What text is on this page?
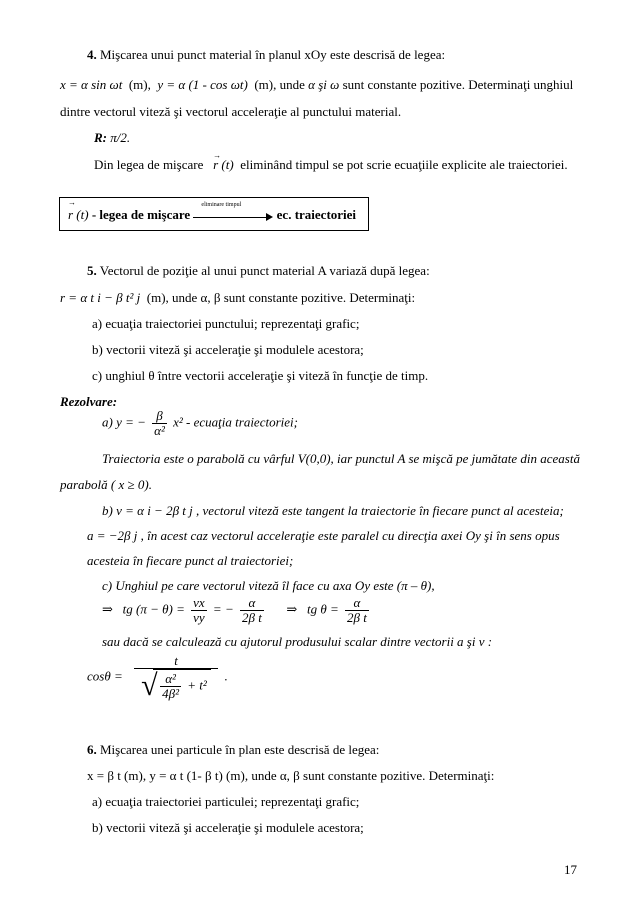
4. Mişcarea unui punct material în planul xOy este descrisă de legea:
x = α sin ωt (m), y = α (1 - cos ωt) (m), unde α şi ω sunt constante pozitive. Determinaţi unghiul
dintre vectorul viteză şi vectorul acceleraţie al punctului material.
R: π/2.
Din legea de mişcare   → r (t) eliminând timpul se pot scrie ecuaţiile explicite ale traiectoriei.
→ r (t) - legea de mişcare
eliminare timpul
ec. traiectoriei
5. Vectorul de poziţie al unui punct material A variază după legea:
r = α t i − β t² j (m), unde α, β sunt constante pozitive. Determinaţi:
a) ecuaţia traiectoriei punctului; reprezentaţi grafic;
b) vectorii viteză şi acceleraţie şi modulele acestora;
c) unghiul θ între vectorii acceleraţie şi viteză în funcţie de timp.
Rezolvare:
a) y = − $\frac{\beta}{\text{α²}} x^2$ - ecuaţia traiectoriei;
Traiectoria este o parabolă cu vârful V(0,0), iar punctul A se mişcă pe jumătate din această
parabolă ( x ≥ 0).
b) v = α i − 2β t j , vectorul viteză este tangent la traiectorie în fiecare punct al acesteia;
a = −2β j , în acest caz vectorul acceleraţie este paralel cu direcţia axei Oy şi în sens opus
acesteia în fiecare punct al traiectoriei;
c) Unghiul pe care vectorul viteză îl face cu axa Oy este (π – θ),
⇒ tg $(\pi - \theta) = \frac{vx}{vy}$ = − $\frac{\alpha}{\text{2β t}}$ ⇒ tg $\theta = \frac{\alpha}{\text{2β t}}$
sau dacă se calculează cu ajutorul produsului scalar dintre vectorii a şi v :
cosθ =
t
√ $\frac{\text{α²}}{\text{4β²}} + t^2$
.
6. Mişcarea unei particule în plan este descrisă de legea:
x = β t (m), y = α t (1- β t) (m), unde α, β sunt constante pozitive. Determinaţi:
a) ecuaţia traiectoriei particulei; reprezentaţi grafic;
b) vectorii viteză şi acceleraţie şi modulele acestora;
17
